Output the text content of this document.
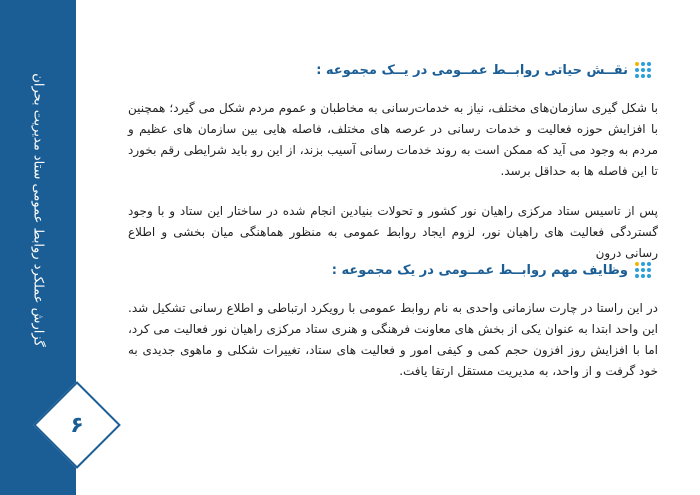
گزارش عملکرد روابط عمومی ستاد مدیریت بحران
۶
نقــش حیاتی روابــط عمــومی در یــک مجموعه :

با شکل گیری سازمان‌های مختلف، نیاز به خدمات‌رسانی به مخاطبان و عموم مردم شکل می گیرد؛ همچنین با افزایش حوزه فعالیت و خدمات رسانی در عرصه های مختلف، فاصله هایی بین سازمان های عظیم و مردم به وجود می آید که ممکن است به روند خدمات رسانی آسیب بزند، از این رو باید شرایطی رقم بخورد تا این فاصله ها به حداقل برسد.

پس از تاسیس ستاد مرکزی راهیان نور کشور و تحولات بنیادین انجام شده در ساختار این ستاد و با وجود گستردگی فعالیت های راهیان نور، لزوم ایجاد روابط عمومی به منظور هماهنگی میان بخشی و اطلاع رسانی درون

وظایف مهم روابــط عمــومی در یک مجموعه :

در این راستا در چارت سازمانی واحدی به نام روابط عمومی با رویکرد ارتباطی و اطلاع رسانی تشکیل شد. این واحد ابتدا به عنوان یکی از بخش های معاونت فرهنگی و هنری ستاد مرکزی راهیان نور فعالیت می کرد، اما با افزایش روز افزون حجم کمی و کیفی امور و فعالیت های ستاد، تغییرات شکلی و ماهوی جدیدی به خود گرفت و از واحد، به مدیریت مستقل ارتقا یافت.
